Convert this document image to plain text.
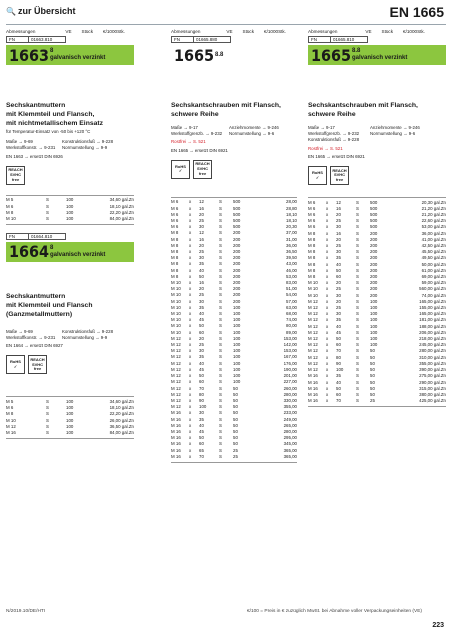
🔍 zur Übersicht	EN 1665
Abmessungen	VE Stück €/1000Stk.
FN	01663.810
1663 8
galvanisch verzinkt
Sechskantmuttern
mit Klemmteil und Flansch,
mit nichtmetallischem Einsatz
für Temperatur-Einsatz von -50 bis +120 °C
Maße → 9-69	Konstruktionsfuß → 9-228
Werkstoffkonstr. → 9-231 Normumstellung → 9-9
EN 1663 → ersetzt DIN 6926
REACH
SVHC
free
M 5	S	100	34,60 gal.Zn
M 6	S	100	18,10 gal.Zn
M 8	S	100	22,20 gal.Zn
M 10	S	100	84,00 gal.Zn
FN	01664.810
1664 8
galvanisch verzinkt
Sechskantmuttern
mit Klemmteil und Flansch
(Ganzmetallmuttern)
Maße → 9-69	Konstruktionsfuß → 9-228
Werkstoffkonstr. → 9-231 Normumstellung → 9-9
EN 1664 → ersetzt DIN 6927
RoHS
✓
REACH
SVHC
free
M 5	S	100	34,60 gal.Zn
M 6	S	100	18,10 gal.Zn
M 8	S	100	22,20 gal.Zn
M 10	S	100	26,00 gal.Zn
M 12	S	100	36,50 gal.Zn
M 16	S	100	84,00 gal.Zn
Abmessungen	VE Stück €/1000Stk.
FN	01665.880
1665 8.8
Sechskantschrauben mit Flansch,
schwere Reihe
Maße → 9-17	Anziehmomente → 9-246
Werkstoffgrenzb. → 9-232	Normumstellung → 9-6
Rostfrei → S. 521
EN 1665 → ersetzt DIN 6921
RoHS
✓
REACH
SVHC
free
M 6	x	12	S	500	28,00
M 6	x	16	S	500	28,80
M 6	x	20	S	500	18,10
M 6	x	25	S	500	18,10
M 6	x	30	S	500	20,30
M 8	x	12	S	200	37,00
M 8	x	16	S	200	31,00
M 8	x	20	S	200	36,00
M 8	x	25	S	200	36,50
M 8	x	30	S	200	39,50
M 8	x	35	S	200	43,00
M 8	x	40	S	200	46,00
M 8	x	50	S	200	53,00
M 10	x	16	S	200	83,00
M 10	x	20	S	200	51,00
M 10	x	25	S	200	54,00
M 10	x	30	S	200	57,00
M 10	x	35	S	100	63,00
M 10	x	40	S	100	68,00
M 10	x	45	S	100	74,00
M 10	x	50	S	100	80,00
M 10	x	60	S	100	89,00
M 12	x	20	S	100	153,00
M 12	x	25	S	100	142,00
M 12	x	30	S	100	153,00
M 12	x	35	S	100	167,00
M 12	x	40	S	100	176,00
M 12	x	45	S	100	190,00
M 12	x	50	S	100	201,00
M 12	x	60	S	100	227,00
M 12	x	70	S	50	260,00
M 12	x	80	S	50	280,00
M 12	x	90	S	50	330,00
M 12	x	100	S	50	355,00
M 16	x	30	S	50	233,00
M 16	x	35	S	50	249,00
M 16	x	40	S	50	265,00
M 16	x	45	S	50	280,00
M 16	x	50	S	50	295,00
M 16	x	60	S	50	345,00
M 16	x	65	S	25	365,00
M 16	x	70	S	25	365,00
Abmessungen	VE Stück €/1000Stk.
FN	01665.810
1665 8.8
galvanisch verzinkt
Sechskantschrauben mit Flansch,
schwere Reihe
Maße → 9-17	Anziehmomente → 9-246
Werkstoffgrenzb. → 9-232	Normumstellung → 9-6
Konstruktionsfuß → 9-228
Rostfrei → S. 521
EN 1665 → ersetzt DIN 6921
RoHS
✓
REACH
SVHC
free
M 6	x	12	S	500	20,30 gal.Zn
M 6	x	16	S	500	21,20 gal.Zn
M 6	x	20	S	500	21,20 gal.Zn
M 6	x	25	S	500	22,60 gal.Zn
M 6	x	30	S	500	53,00 gal.Zn
M 8	x	16	S	200	36,00 gal.Zn
M 8	x	20	S	200	41,00 gal.Zn
M 8	x	25	S	200	42,50 gal.Zn
M 8	x	30	S	200	45,50 gal.Zn
M 8	x	35	S	200	49,50 gal.Zn
M 8	x	40	S	200	50,00 gal.Zn
M 8	x	50	S	200	61,00 gal.Zn
M 8	x	60	S	200	69,00 gal.Zn
M 10	x	20	S	200	59,00 gal.Zn
M 10	x	25	S	200	560,00 gal.Zn
M 10	x	30	S	200	74,00 gal.Zn
M 12	x	20	S	100	165,00 gal.Zn
M 12	x	25	S	100	155,00 gal.Zn
M 12	x	30	S	100	165,00 gal.Zn
M 12	x	35	S	100	181,00 gal.Zn
M 12	x	40	S	100	188,00 gal.Zn
M 12	x	45	S	100	206,00 gal.Zn
M 12	x	50	S	100	218,00 gal.Zn
M 12	x	60	S	100	245,00 gal.Zn
M 12	x	70	S	50	280,00 gal.Zn
M 12	x	80	S	50	310,00 gal.Zn
M 12	x	90	S	50	355,00 gal.Zn
M 12	x	100	S	50	390,00 gal.Zn
M 16	x	35	S	50	275,00 gal.Zn
M 16	x	40	S	50	290,00 gal.Zn
M 16	x	50	S	50	315,00 gal.Zn
M 16	x	60	S	50	380,00 gal.Zn
M 16	x	70	S	25	425,00 gal.Zn
N/2019.10/DE/HTI	€/100 = Preis in € zuzüglich MwSt. bei Abnahme voller Verpackungseinheiten (VE)
223
